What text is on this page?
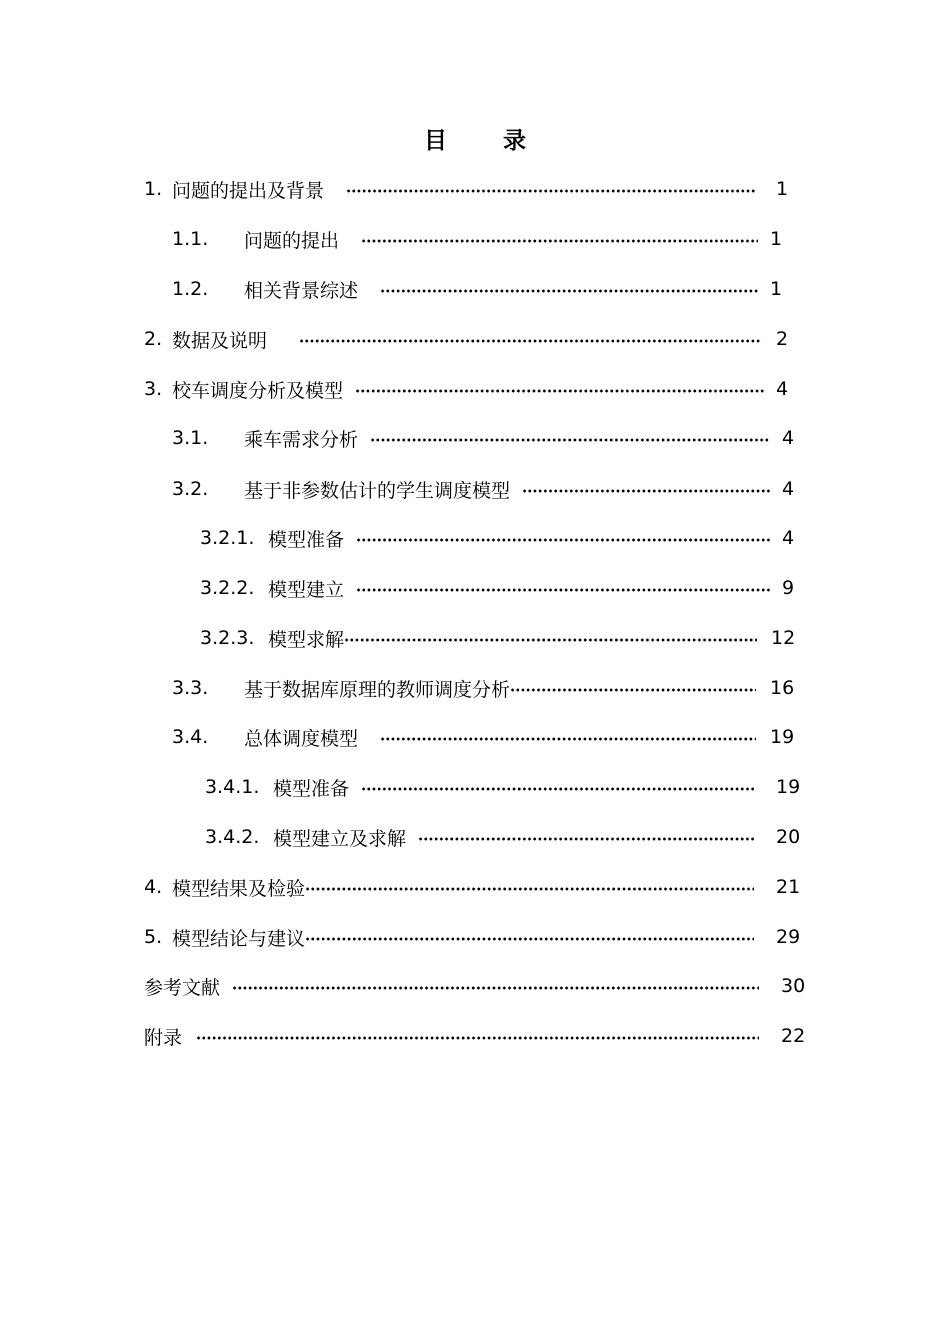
目 录
1. 问题的提出及背景	1
1.1.	问题的提出	1
1.2.	相关背景综述	1
2. 数据及说明	2
3. 校车调度分析及模型	4
3.1.	乘车需求分析	4
3.2.	基于非参数估计的学生调度模型	4
3.2.1. 模型准备	4
3.2.2. 模型建立	9
3.2.3. 模型求解	12
3.3.	基于数据库原理的教师调度分析	16
3.4.	总体调度模型	19
3.4.1. 模型准备	19
3.4.2. 模型建立及求解	20
4. 模型结果及检验	21
5. 模型结论与建议	29
参考文献	30
附录	22
